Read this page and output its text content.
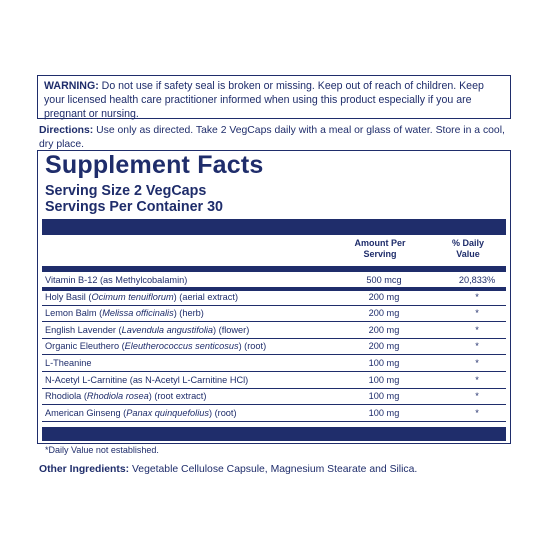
WARNING: Do not use if safety seal is broken or missing. Keep out of reach of children. Keep your licensed health care practitioner informed when using this product especially if you are pregnant or nursing.
Directions: Use only as directed. Take 2 VegCaps daily with a meal or glass of water. Store in a cool, dry place.
Supplement Facts
Serving Size 2 VegCaps
Servings Per Container 30
Amount Per
Serving
% Daily
Value
Vitamin B-12 (as Methylcobalamin)	500 mcg	20,833%
Holy Basil (Ocimum tenuiflorum) (aerial extract)	200 mg	*
Lemon Balm (Melissa officinalis) (herb)	200 mg	*
English Lavender (Lavendula angustifolia) (flower)	200 mg	*
Organic Eleuthero (Eleutherococcus senticosus) (root)	200 mg	*
L-Theanine	100 mg	*
N-Acetyl L-Carnitine (as N-Acetyl L-Carnitine HCl)	100 mg	*
Rhodiola (Rhodiola rosea) (root extract)	100 mg	*
American Ginseng (Panax quinquefolius) (root)	100 mg	*
*Daily Value not established.
Other Ingredients: Vegetable Cellulose Capsule, Magnesium Stearate and Silica.
